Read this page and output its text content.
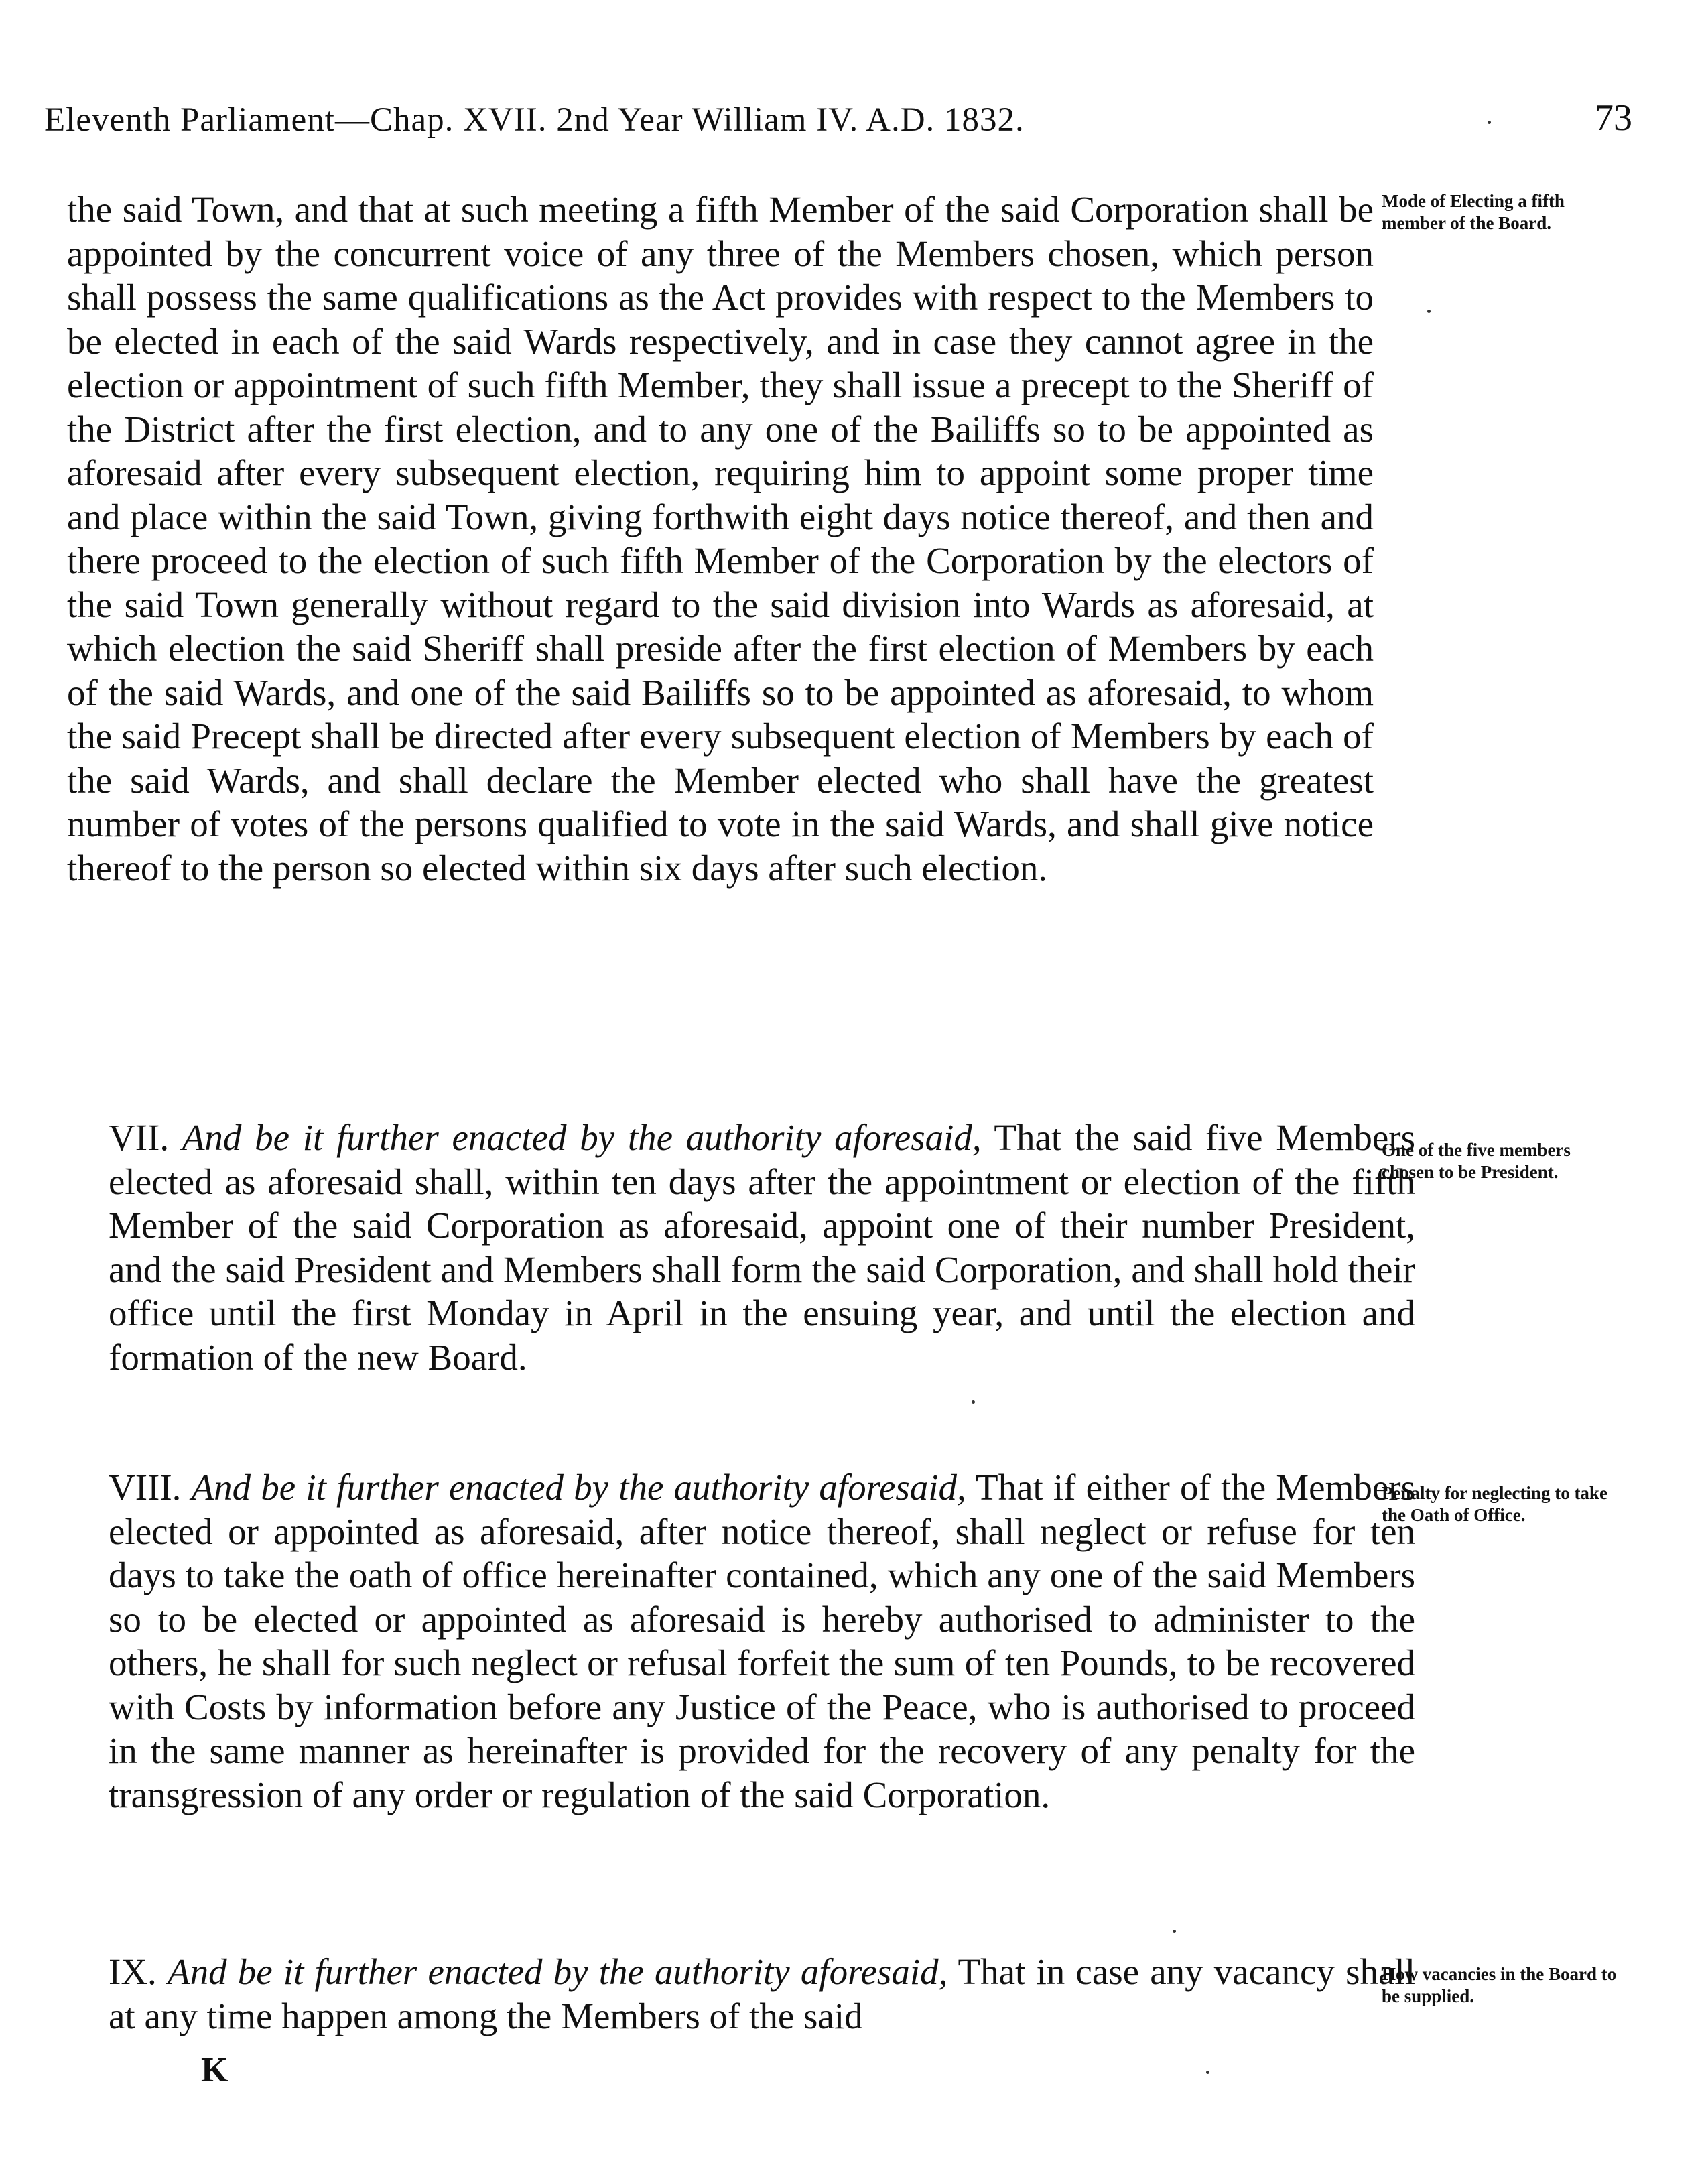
Eleventh Parliament—Chap. XVII. 2nd Year William IV. A.D. 1832.	73
the said Town, and that at such meeting a fifth Member of the said Corporation shall be appointed by the concurrent voice of any three of the Members chosen, which person shall possess the same qualifications as the Act provides with respect to the Members to be elected in each of the said Wards respectively, and in case they cannot agree in the election or appointment of such fifth Member, they shall issue a precept to the Sheriff of the District after the first election, and to any one of the Bailiffs so to be appointed as aforesaid after every subsequent election, requiring him to appoint some proper time and place within the said Town, giving forthwith eight days notice thereof, and then and there proceed to the election of such fifth Member of the Corporation by the electors of the said Town generally without regard to the said division into Wards as aforesaid, at which election the said Sheriff shall preside after the first election of Members by each of the said Wards, and one of the said Bailiffs so to be appointed as aforesaid, to whom the said Precept shall be directed after every subsequent election of Members by each of the said Wards, and shall declare the Member elected who shall have the greatest number of votes of the persons qualified to vote in the said Wards, and shall give notice thereof to the person so elected within six days after such election.
Mode of Electing a fifth member of the Board.
VII. And be it further enacted by the authority aforesaid, That the said five Members elected as aforesaid shall, within ten days after the appointment or election of the fifth Member of the said Corporation as aforesaid, appoint one of their number President, and the said President and Members shall form the said Corporation, and shall hold their office until the first Monday in April in the ensuing year, and until the election and formation of the new Board.
One of the five members chosen to be President.
VIII. And be it further enacted by the authority aforesaid, That if either of the Members elected or appointed as aforesaid, after notice thereof, shall neglect or refuse for ten days to take the oath of office hereinafter contained, which any one of the said Members so to be elected or appointed as aforesaid is hereby authorised to administer to the others, he shall for such neglect or refusal forfeit the sum of ten Pounds, to be recovered with Costs by information before any Justice of the Peace, who is authorised to proceed in the same manner as hereinafter is provided for the recovery of any penalty for the transgression of any order or regulation of the said Corporation.
Penalty for neglecting to take the Oath of Office.
IX. And be it further enacted by the authority aforesaid, That in case any vacancy shall at any time happen among the Members of the said
How vacancies in the Board to be supplied.
K
